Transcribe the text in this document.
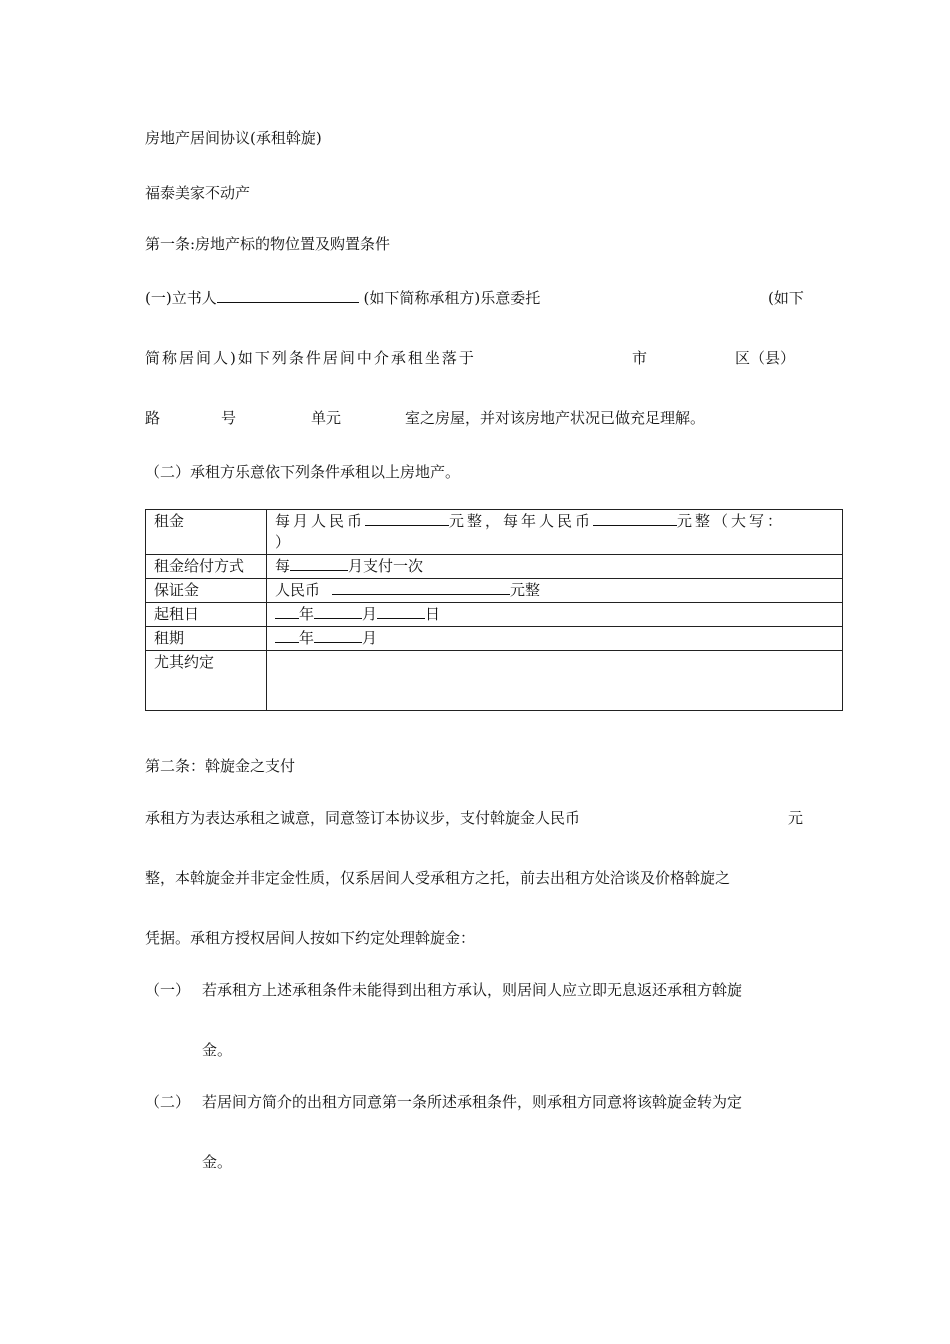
房地产居间协议(承租斡旋)
福泰美家不动产
第一条:房地产标的物位置及购置条件
(一)立书人	(如下简称承租方)乐意委托	(如下
简称居间人)如下列条件居间中介承租坐落于	市	区（县）
路	号	单元	室之房屋，并对该房地产状况已做充足理解。
（二）承租方乐意依下列条件承租以上房地产。
租金	每月人民币 元整，每年人民币 元整（大写：
）
租金给付方式	每 月支付一次
保证金	人民币 元整
起租日	年 月 日
租期	年 月
尤其约定	
第二条：斡旋金之支付
承租方为表达承租之诚意，同意签订本协议步，支付斡旋金人民币	元
整，本斡旋金并非定金性质，仅系居间人受承租方之托，前去出租方处洽谈及价格斡旋之
凭据。承租方授权居间人按如下约定处理斡旋金：
（一） 若承租方上述承租条件未能得到出租方承认，则居间人应立即无息返还承租方斡旋
金。
（二） 若居间方简介的出租方同意第一条所述承租条件，则承租方同意将该斡旋金转为定
金。
